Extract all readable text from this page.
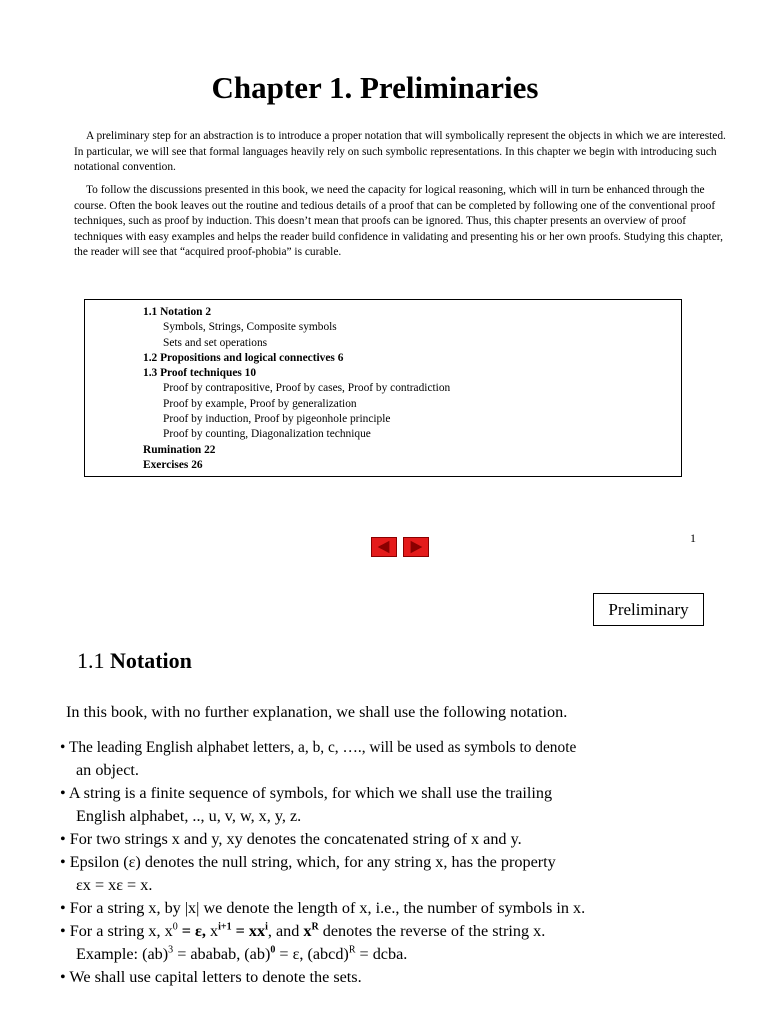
Chapter 1. Preliminaries

A preliminary step for an abstraction is to introduce a proper notation that will symbolically represent the objects in which we are interested. In particular, we will see that formal languages heavily rely on such symbolic representations. In this chapter we begin with introducing such notational convention.

To follow the discussions presented in this book, we need the capacity for logical reasoning, which will in turn be enhanced through the course. Often the book leaves out the routine and tedious details of a proof that can be completed by following one of the conventional proof techniques, such as proof by induction. This doesn’t mean that proofs can be ignored. Thus, this chapter presents an overview of proof techniques with easy examples and helps the reader build confidence in validating and presenting his or her own proofs. Studying this chapter, the reader will see that “acquired proof-phobia” is curable.

1.1 Notation 2
Symbols, Strings, Composite symbols
Sets and set operations
1.2 Propositions and logical connectives 6
1.3 Proof techniques 10
Proof by contrapositive, Proof by cases, Proof by contradiction
Proof by example, Proof by generalization
Proof by induction, Proof by pigeonhole principle
Proof by counting, Diagonalization technique
Rumination 22
Exercises 26
1
Preliminary
1.1 Notation

In this book, with no further explanation, we shall use the following notation.

• The leading English alphabet letters, a, b, c, …., will be used as symbols to denote
an object.
• A string is a finite sequence of symbols, for which we shall use the trailing
English alphabet, .., u, v, w, x, y, z.
• For two strings x and y, xy denotes the concatenated string of x and y.
• Epsilon (ε) denotes the null string, which, for any string x, has the property
εx = xε = x.
• For a string x, by |x| we denote the length of x, i.e., the number of symbols in x.
• For a string x, $x^0 = \varepsilon$, $x^{i+1} = xx^i$, and $x^R$ denotes the reverse of the string x.
Example: (ab)$^3$ = ababab, (ab)$^0$ = ε, (abcd)$^R$ = dcba.
• We shall use capital letters to denote the sets.
